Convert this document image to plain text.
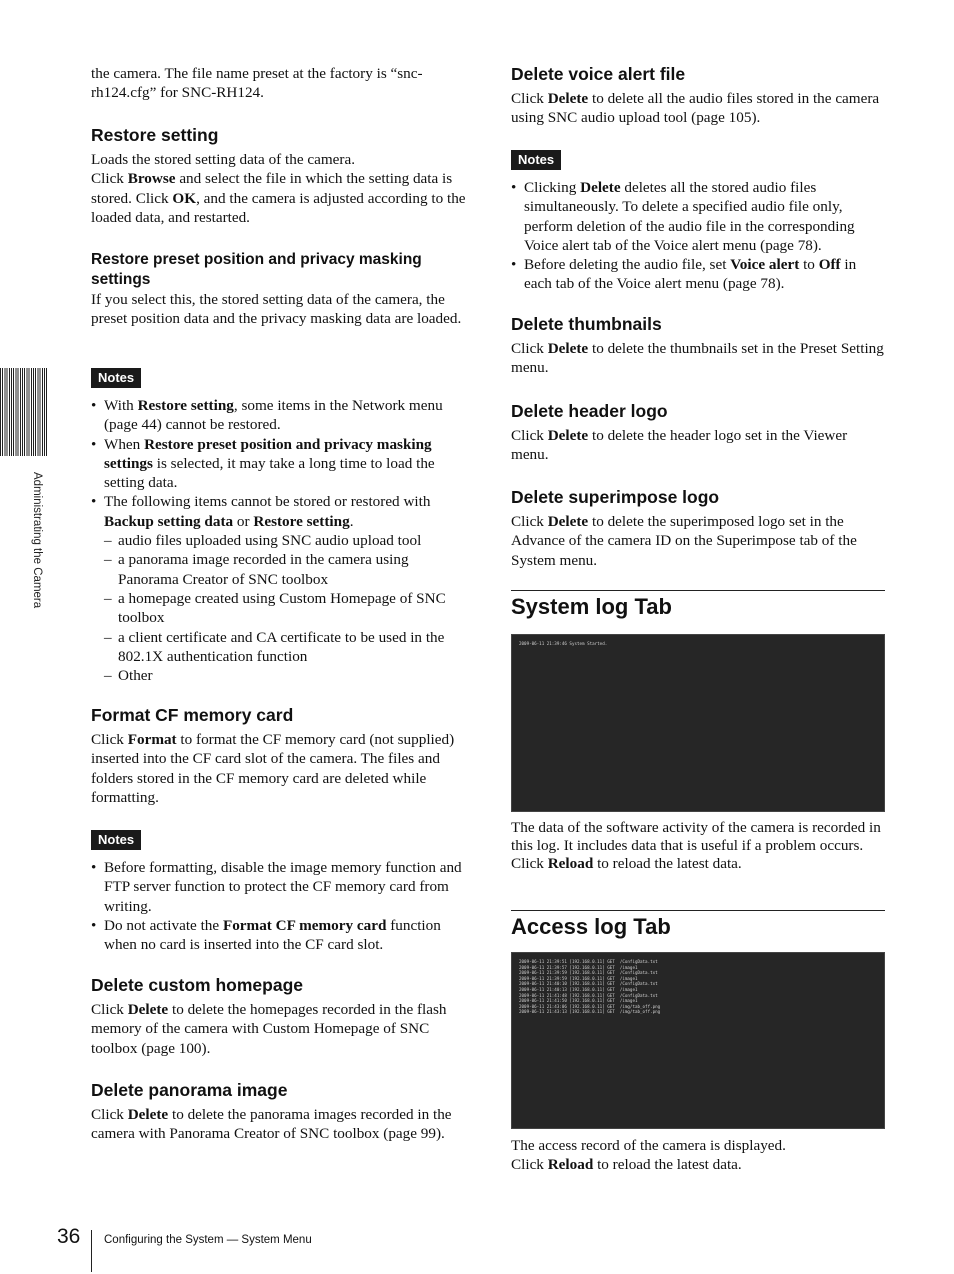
Administrating the Camera

the camera. The file name preset at the factory is “snc-rh124.cfg” for SNC-RH124.

Restore setting

Loads the stored setting data of the camera.
Click Browse and select the file in which the setting data is stored. Click OK, and the camera is adjusted according to the loaded data, and restarted.

Restore preset position and privacy masking settings

If you select this, the stored setting data of the camera, the preset position data and the privacy masking data are loaded.

Notes
• With Restore setting, some items in the Network menu (page 44) cannot be restored.
• When Restore preset position and privacy masking settings is selected, it may take a long time to load the setting data.
• The following items cannot be stored or restored with Backup setting data or Restore setting.
– audio files uploaded using SNC audio upload tool
– a panorama image recorded in the camera using Panorama Creator of SNC toolbox
– a homepage created using Custom Homepage of SNC toolbox
– a client certificate and CA certificate to be used in the 802.1X authentication function
– Other
Format CF memory card

Click Format to format the CF memory card (not supplied) inserted into the CF card slot of the camera. The files and folders stored in the CF memory card are deleted while formatting.

Notes
• Before formatting, disable the image memory function and FTP server function to protect the CF memory card from writing.
• Do not activate the Format CF memory card function when no card is inserted into the CF card slot.
Delete custom homepage

Click Delete to delete the homepages recorded in the flash memory of the camera with Custom Homepage of SNC toolbox (page 100).

Delete panorama image

Click Delete to delete the panorama images recorded in the camera with Panorama Creator of SNC toolbox (page 99).

Delete voice alert file

Click Delete to delete all the audio files stored in the camera using SNC audio upload tool (page 105).

Notes
• Clicking Delete deletes all the stored audio files simultaneously. To delete a specified audio file only, perform deletion of the audio file in the corresponding Voice alert tab of the Voice alert menu (page 78).
• Before deleting the audio file, set Voice alert to Off in each tab of the Voice alert menu (page 78).
Delete thumbnails

Click Delete to delete the thumbnails set in the Preset Setting menu.

Delete header logo

Click Delete to delete the header logo set in the Viewer menu.

Delete superimpose logo

Click Delete to delete the superimposed logo set in the Advance of the camera ID on the Superimpose tab of the System menu.

System log Tab
2009-06-11 21:39:46 System Started.

The data of the software activity of the camera is recorded in this log. It includes data that is useful if a problem occurs.
Click Reload to reload the latest data.

Access log Tab
2009-06-11 21:39:51 [192.168.0.11] GET  /ConfigData.txt
2009-06-11 21:39:57 [192.168.0.11] GET  /image1
2009-06-11 21:39:59 [192.168.0.11] GET  /ConfigData.txt
2009-06-11 21:39:59 [192.168.0.11] GET  /image1
2009-06-11 21:40:10 [192.168.0.11] GET  /ConfigData.txt
2009-06-11 21:40:13 [192.168.0.11] GET  /image1
2009-06-11 21:41:48 [192.168.0.11] GET  /ConfigData.txt
2009-06-11 21:41:50 [192.168.0.11] GET  /image1
2009-06-11 21:43:06 [192.168.0.11] GET  /img/tab_off.png
2009-06-11 21:43:13 [192.168.0.11] GET  /img/tab_off.png

The access record of the camera is displayed.
Click Reload to reload the latest data.

36 Configuring the System — System Menu
